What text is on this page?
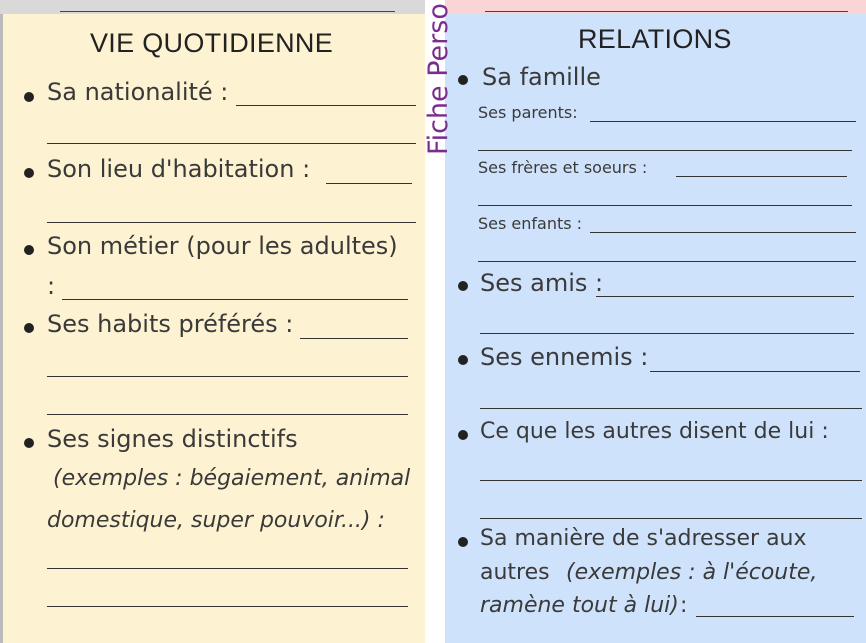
Fiche Perso
VIE QUOTIDIENNE
Sa nationalité :
Son lieu d'habitation :
Son métier (pour les adultes)
:
Ses habits préférés :
Ses signes distinctifs
(exemples : bégaiement, animal
domestique, super pouvoir...) :
RELATIONS
Sa famille
Ses parents:
Ses frères et soeurs :
Ses enfants :
Ses amis :
Ses ennemis :
Ce que les autres disent de lui :
Sa manière de s'adresser aux
autres (exemples : à l'écoute,
ramène tout à lui) :
